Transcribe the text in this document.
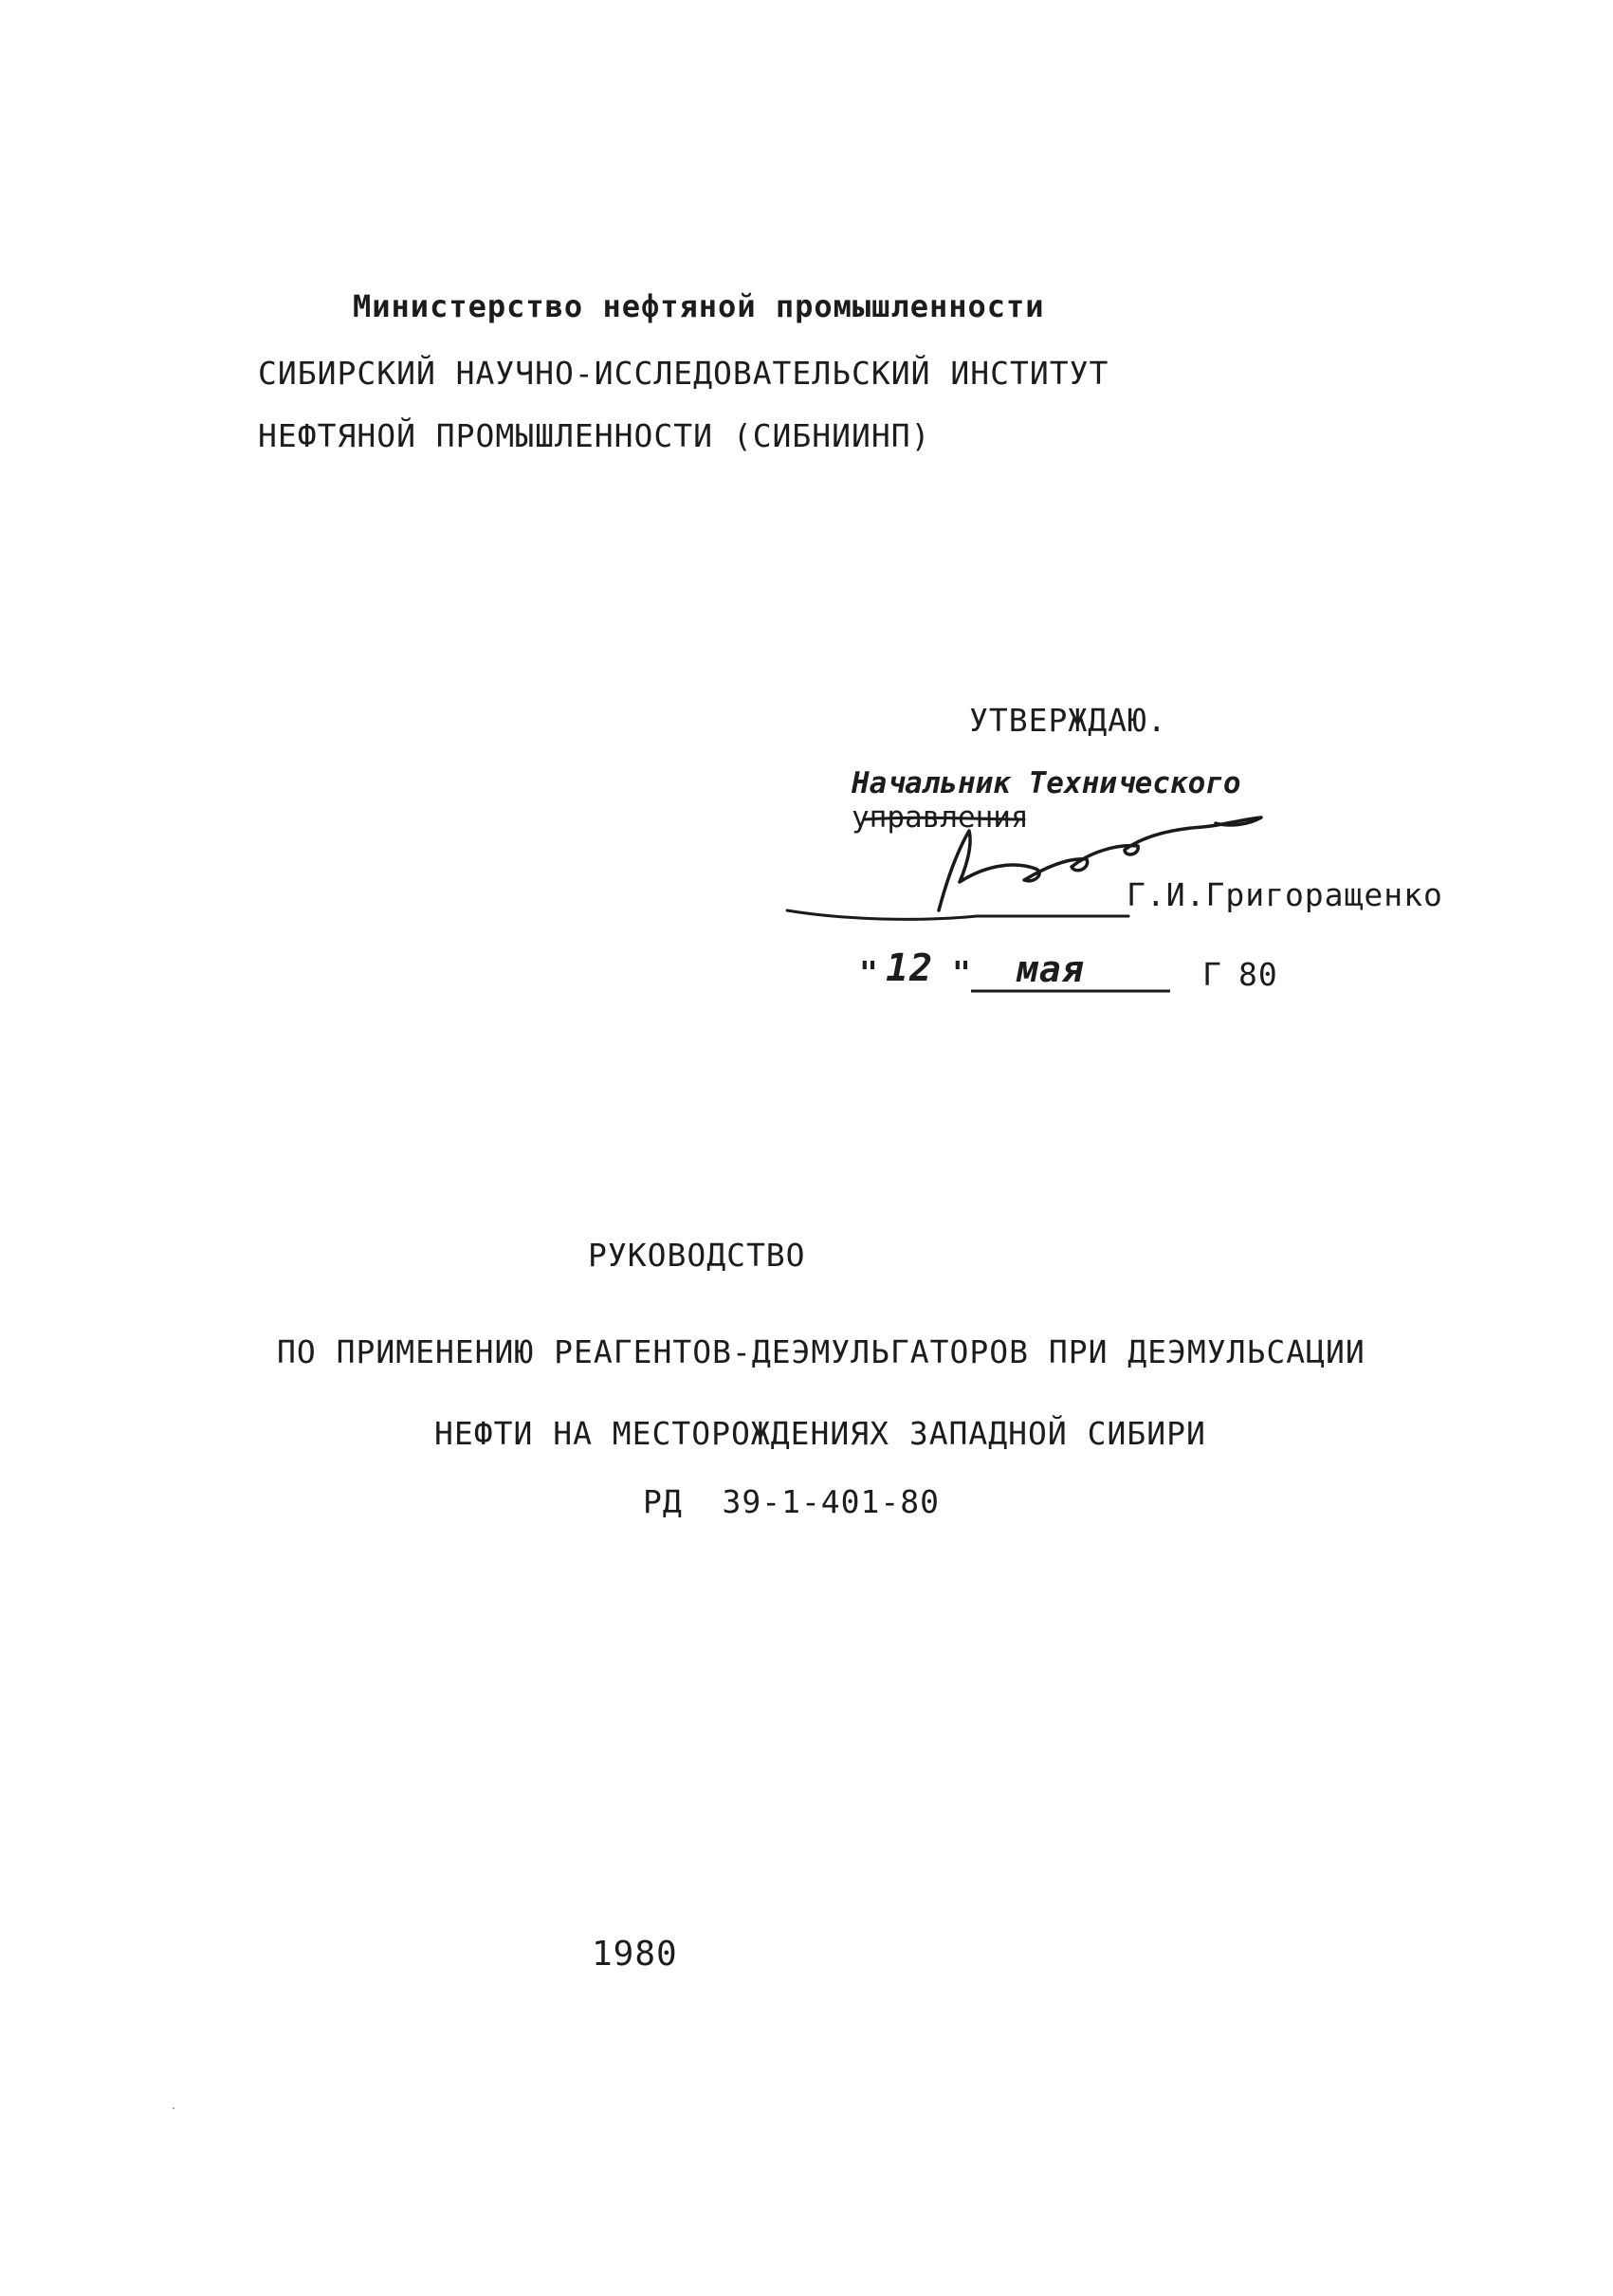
Министерство нефтяной промышленности
СИБИРСКИЙ НАУЧНО-ИССЛЕДОВАТЕЛЬСКИЙ ИНСТИТУТ
НЕФТЯНОЙ ПРОМЫШЛЕННОСТИ (СИБНИИНП)
УТВЕРЖДАЮ.
Начальник Технического
управления
Г.И.Григоращенко
" 12 " мая	Г 80
РУКОВОДСТВО
ПО ПРИМЕНЕНИЮ РЕАГЕНТОВ-ДЕЭМУЛЬГАТОРОВ ПРИ ДЕЭМУЛЬСАЦИИ
НЕФТИ НА МЕСТОРОЖДЕНИЯХ ЗАПАДНОЙ СИБИРИ
РД  39-1-401-80
1980
